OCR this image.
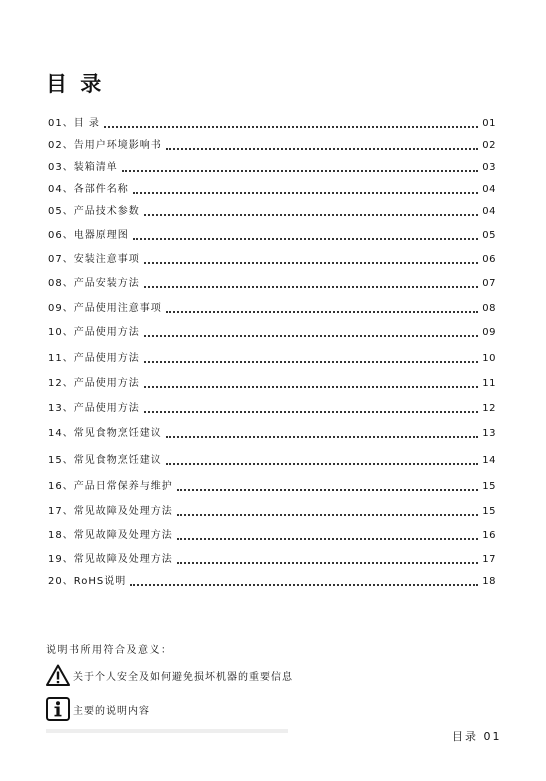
目 录
01、 目 录	01
02、 告用户环境影响书	02
03、 装箱清单	03
04、 各部件名称	04
05、 产品技术参数	04
06、 电器原理图	05
07、 安装注意事项	06
08、 产品安装方法	07
09、 产品使用注意事项	08
10、 产品使用方法	09
11、 产品使用方法	10
12、 产品使用方法	11
13、 产品使用方法	12
14、 常见食物烹饪建议	13
15、 常见食物烹饪建议	14
16、 产品日常保养与维护	15
17、 常见故障及处理方法	15
18、 常见故障及处理方法	16
19、 常见故障及处理方法	17
20、 RoHS说明	18
说明书所用符合及意义：
关于个人安全及如何避免损坏机器的重要信息
主要的说明内容
目录 01
